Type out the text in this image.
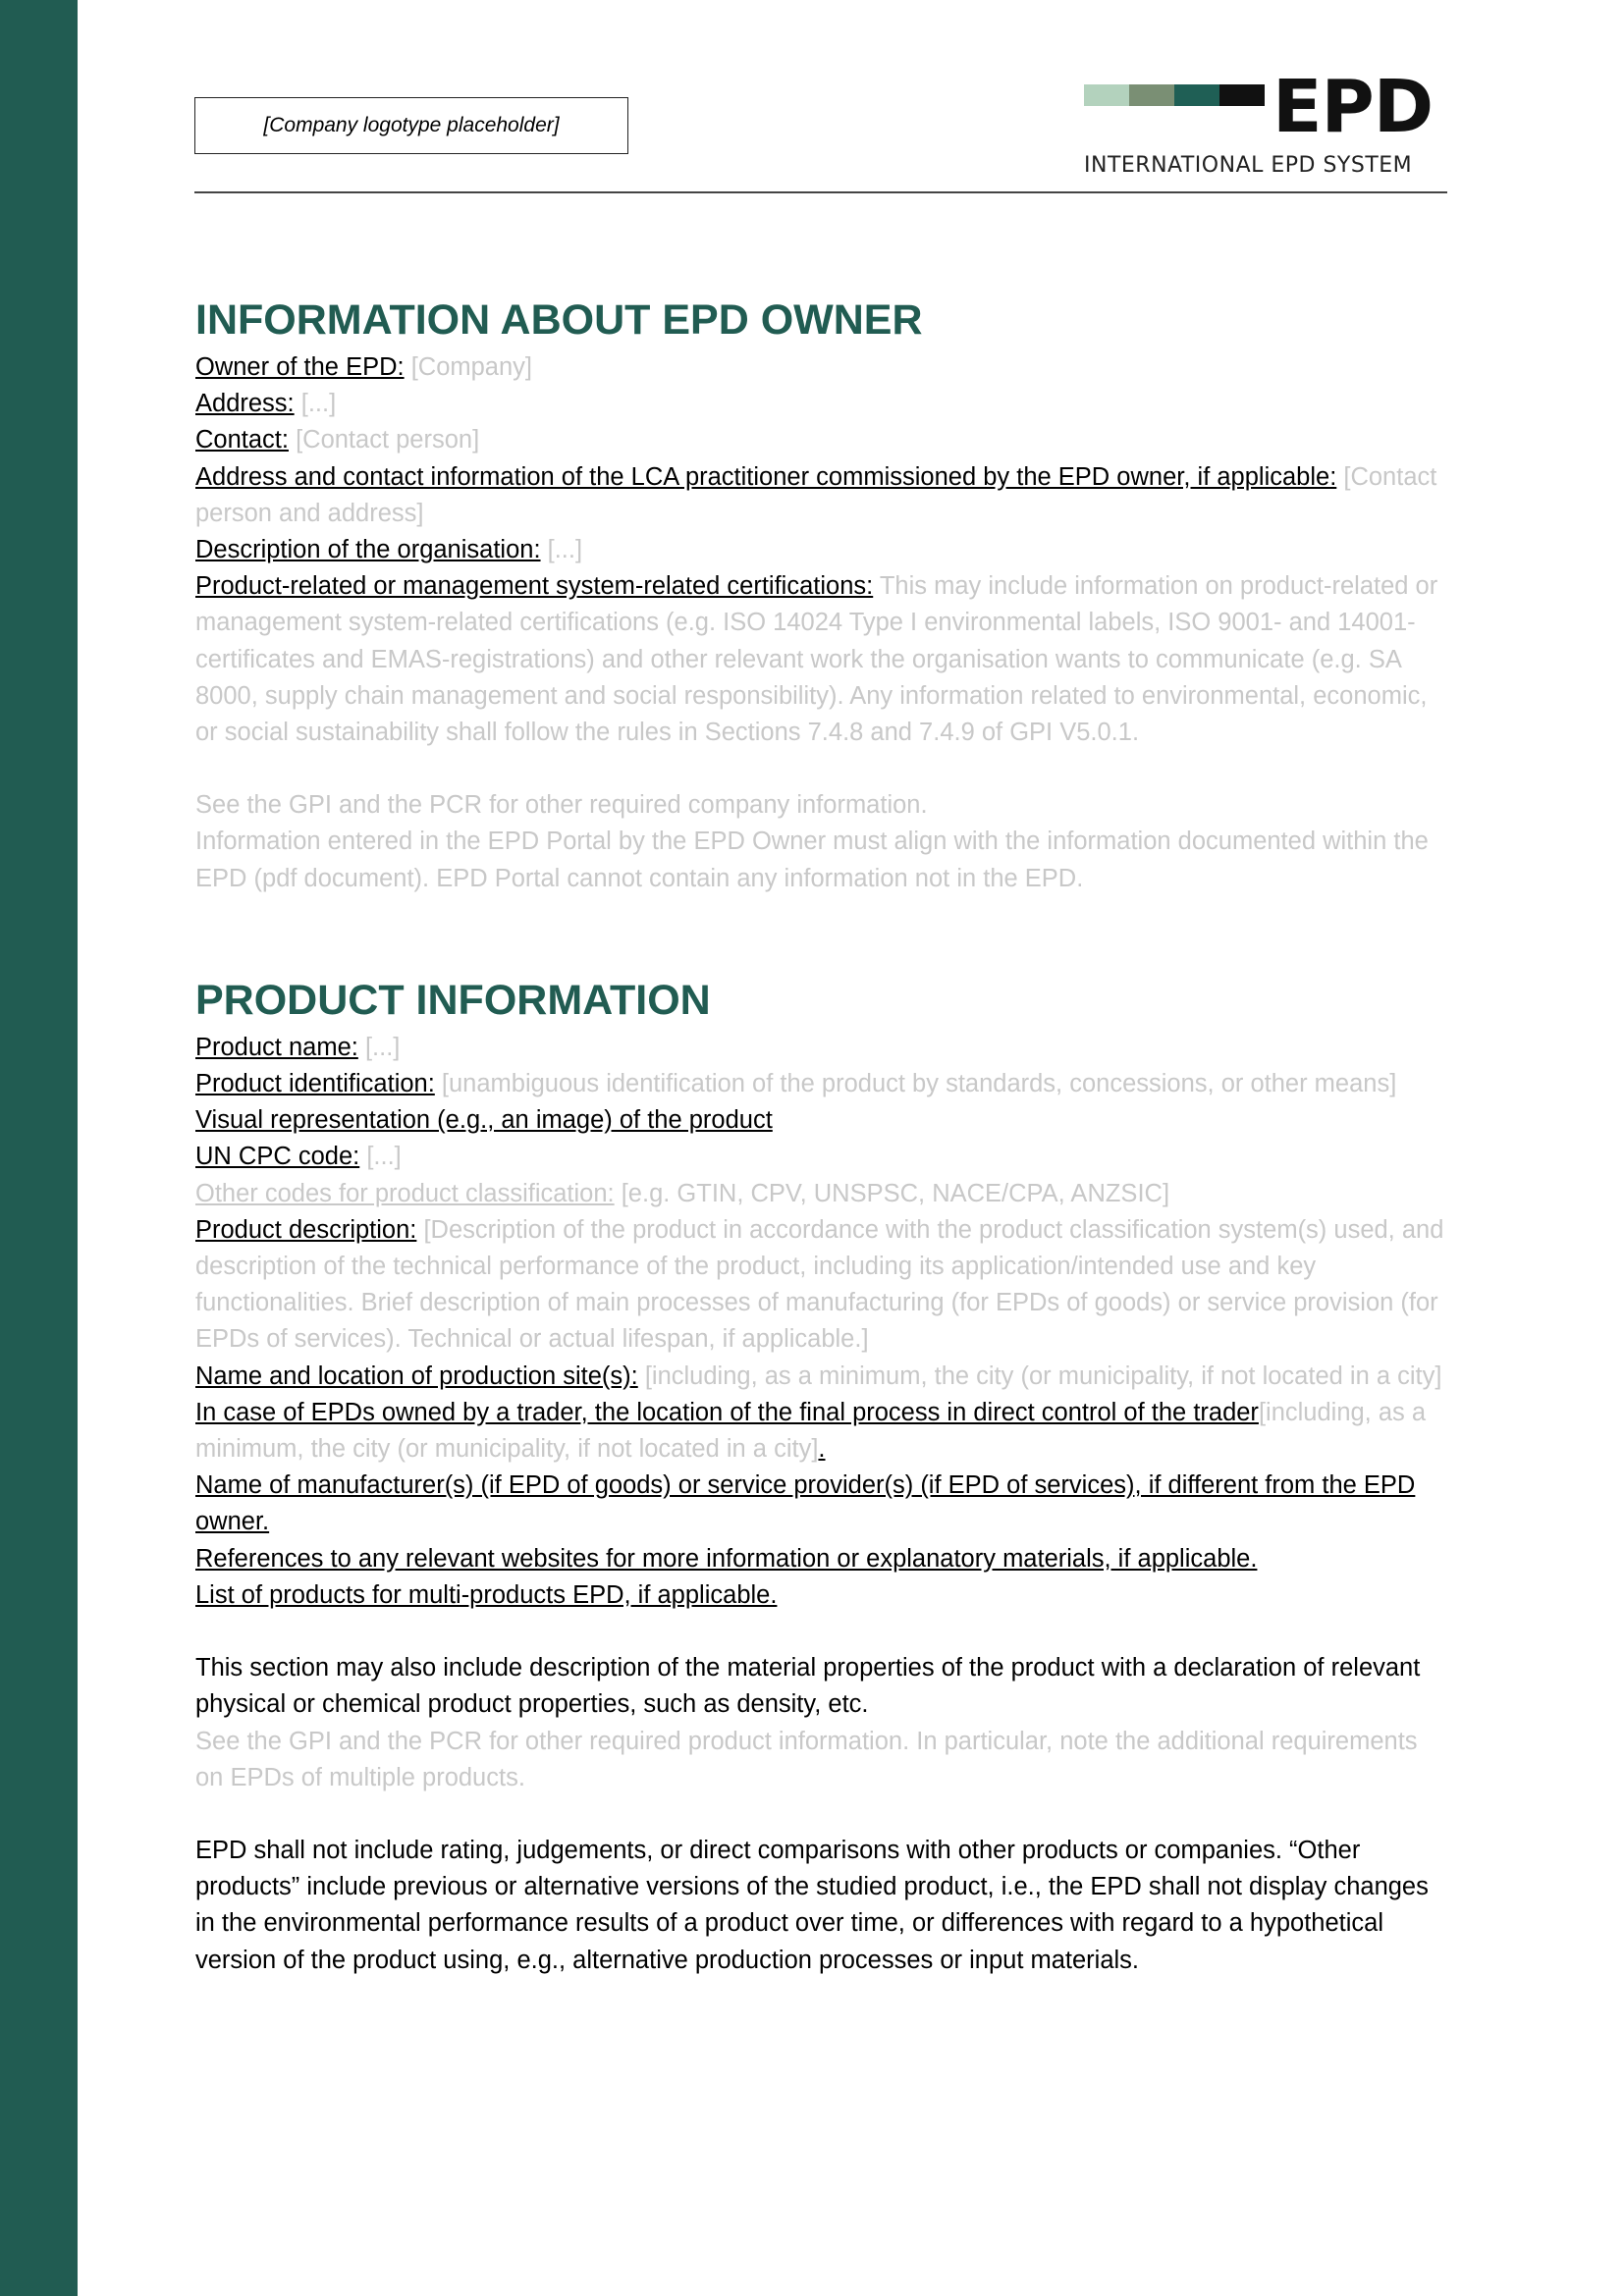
[Company logotype placeholder]	EPD
INTERNATIONAL EPD SYSTEM
INFORMATION ABOUT EPD OWNER

Owner of the EPD: [Company]

Address: [...]

Contact: [Contact person]

Address and contact information of the LCA practitioner commissioned by the EPD owner, if applicable: [Contact person and address]

Description of the organisation: [...]

Product-related or management system-related certifications: This may include information on product-related or management system-related certifications (e.g. ISO 14024 Type I environmental labels, ISO 9001- and 14001-certificates and EMAS-registrations) and other relevant work the organisation wants to communicate (e.g. SA 8000, supply chain management and social responsibility). Any information related to environmental, economic, or social sustainability shall follow the rules in Sections 7.4.8 and 7.4.9 of GPI V5.0.1.

See the GPI and the PCR for other required company information.

Information entered in the EPD Portal by the EPD Owner must align with the information documented within the EPD (pdf document). EPD Portal cannot contain any information not in the EPD.

PRODUCT INFORMATION

Product name: [...]

Product identification: [unambiguous identification of the product by standards, concessions, or other means]

Visual representation (e.g., an image) of the product

UN CPC code: [...]

Other codes for product classification: [e.g. GTIN, CPV, UNSPSC, NACE/CPA, ANZSIC]

Product description: [Description of the product in accordance with the product classification system(s) used, and description of the technical performance of the product, including its application/intended use and key functionalities. Brief description of main processes of manufacturing (for EPDs of goods) or service provision (for EPDs of services). Technical or actual lifespan, if applicable.]

Name and location of production site(s): [including, as a minimum, the city (or municipality, if not located in a city]

In case of EPDs owned by a trader, the location of the final process in direct control of the trader[including, as a minimum, the city (or municipality, if not located in a city].

Name of manufacturer(s) (if EPD of goods) or service provider(s) (if EPD of services), if different from the EPD owner.

References to any relevant websites for more information or explanatory materials, if applicable.

List of products for multi-products EPD, if applicable.

This section may also include description of the material properties of the product with a declaration of relevant physical or chemical product properties, such as density, etc.

See the GPI and the PCR for other required product information. In particular, note the additional requirements on EPDs of multiple products.

EPD shall not include rating, judgements, or direct comparisons with other products or companies. “Other products” include previous or alternative versions of the studied product, i.e., the EPD shall not display changes in the environmental performance results of a product over time, or differences with regard to a hypothetical version of the product using, e.g., alternative production processes or input materials.
